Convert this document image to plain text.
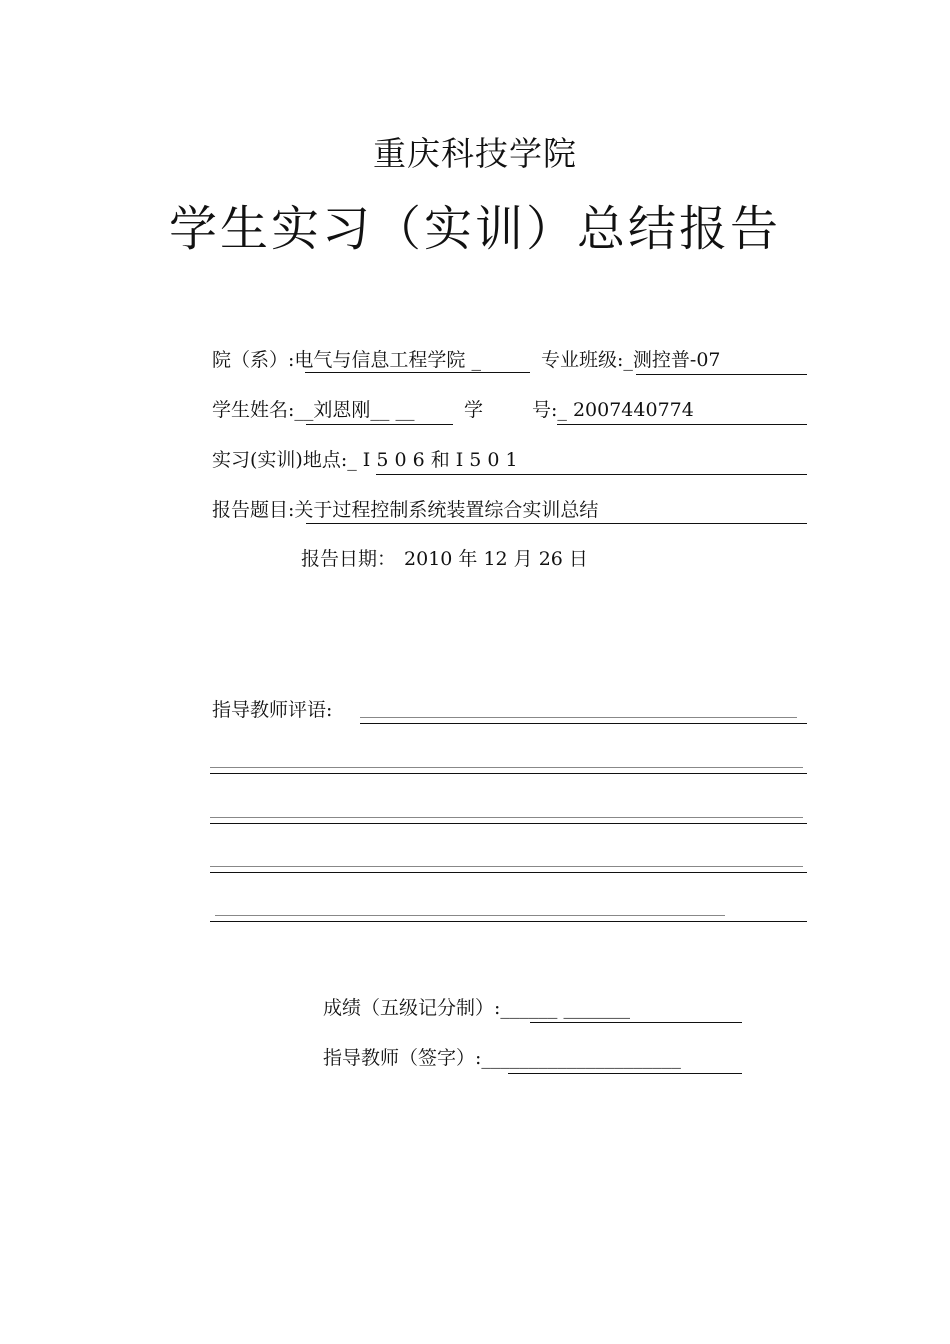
重庆科技学院
学生实习（实训）总结报告
院（系）:电气与信息工程学院 _	专业班级:_测控普-07
学生姓名:__刘恩刚__ __	学	号:_ 2007440774
实习(实训)地点:_ I 5 0 6 和 I 5 0 1
报告题目:关于过程控制系统装置综合实训总结
报告日期： 2010 年 12 月 26 日
指导教师评语:
成绩（五级记分制）:______ _______
指导教师（签字）:_____________________
